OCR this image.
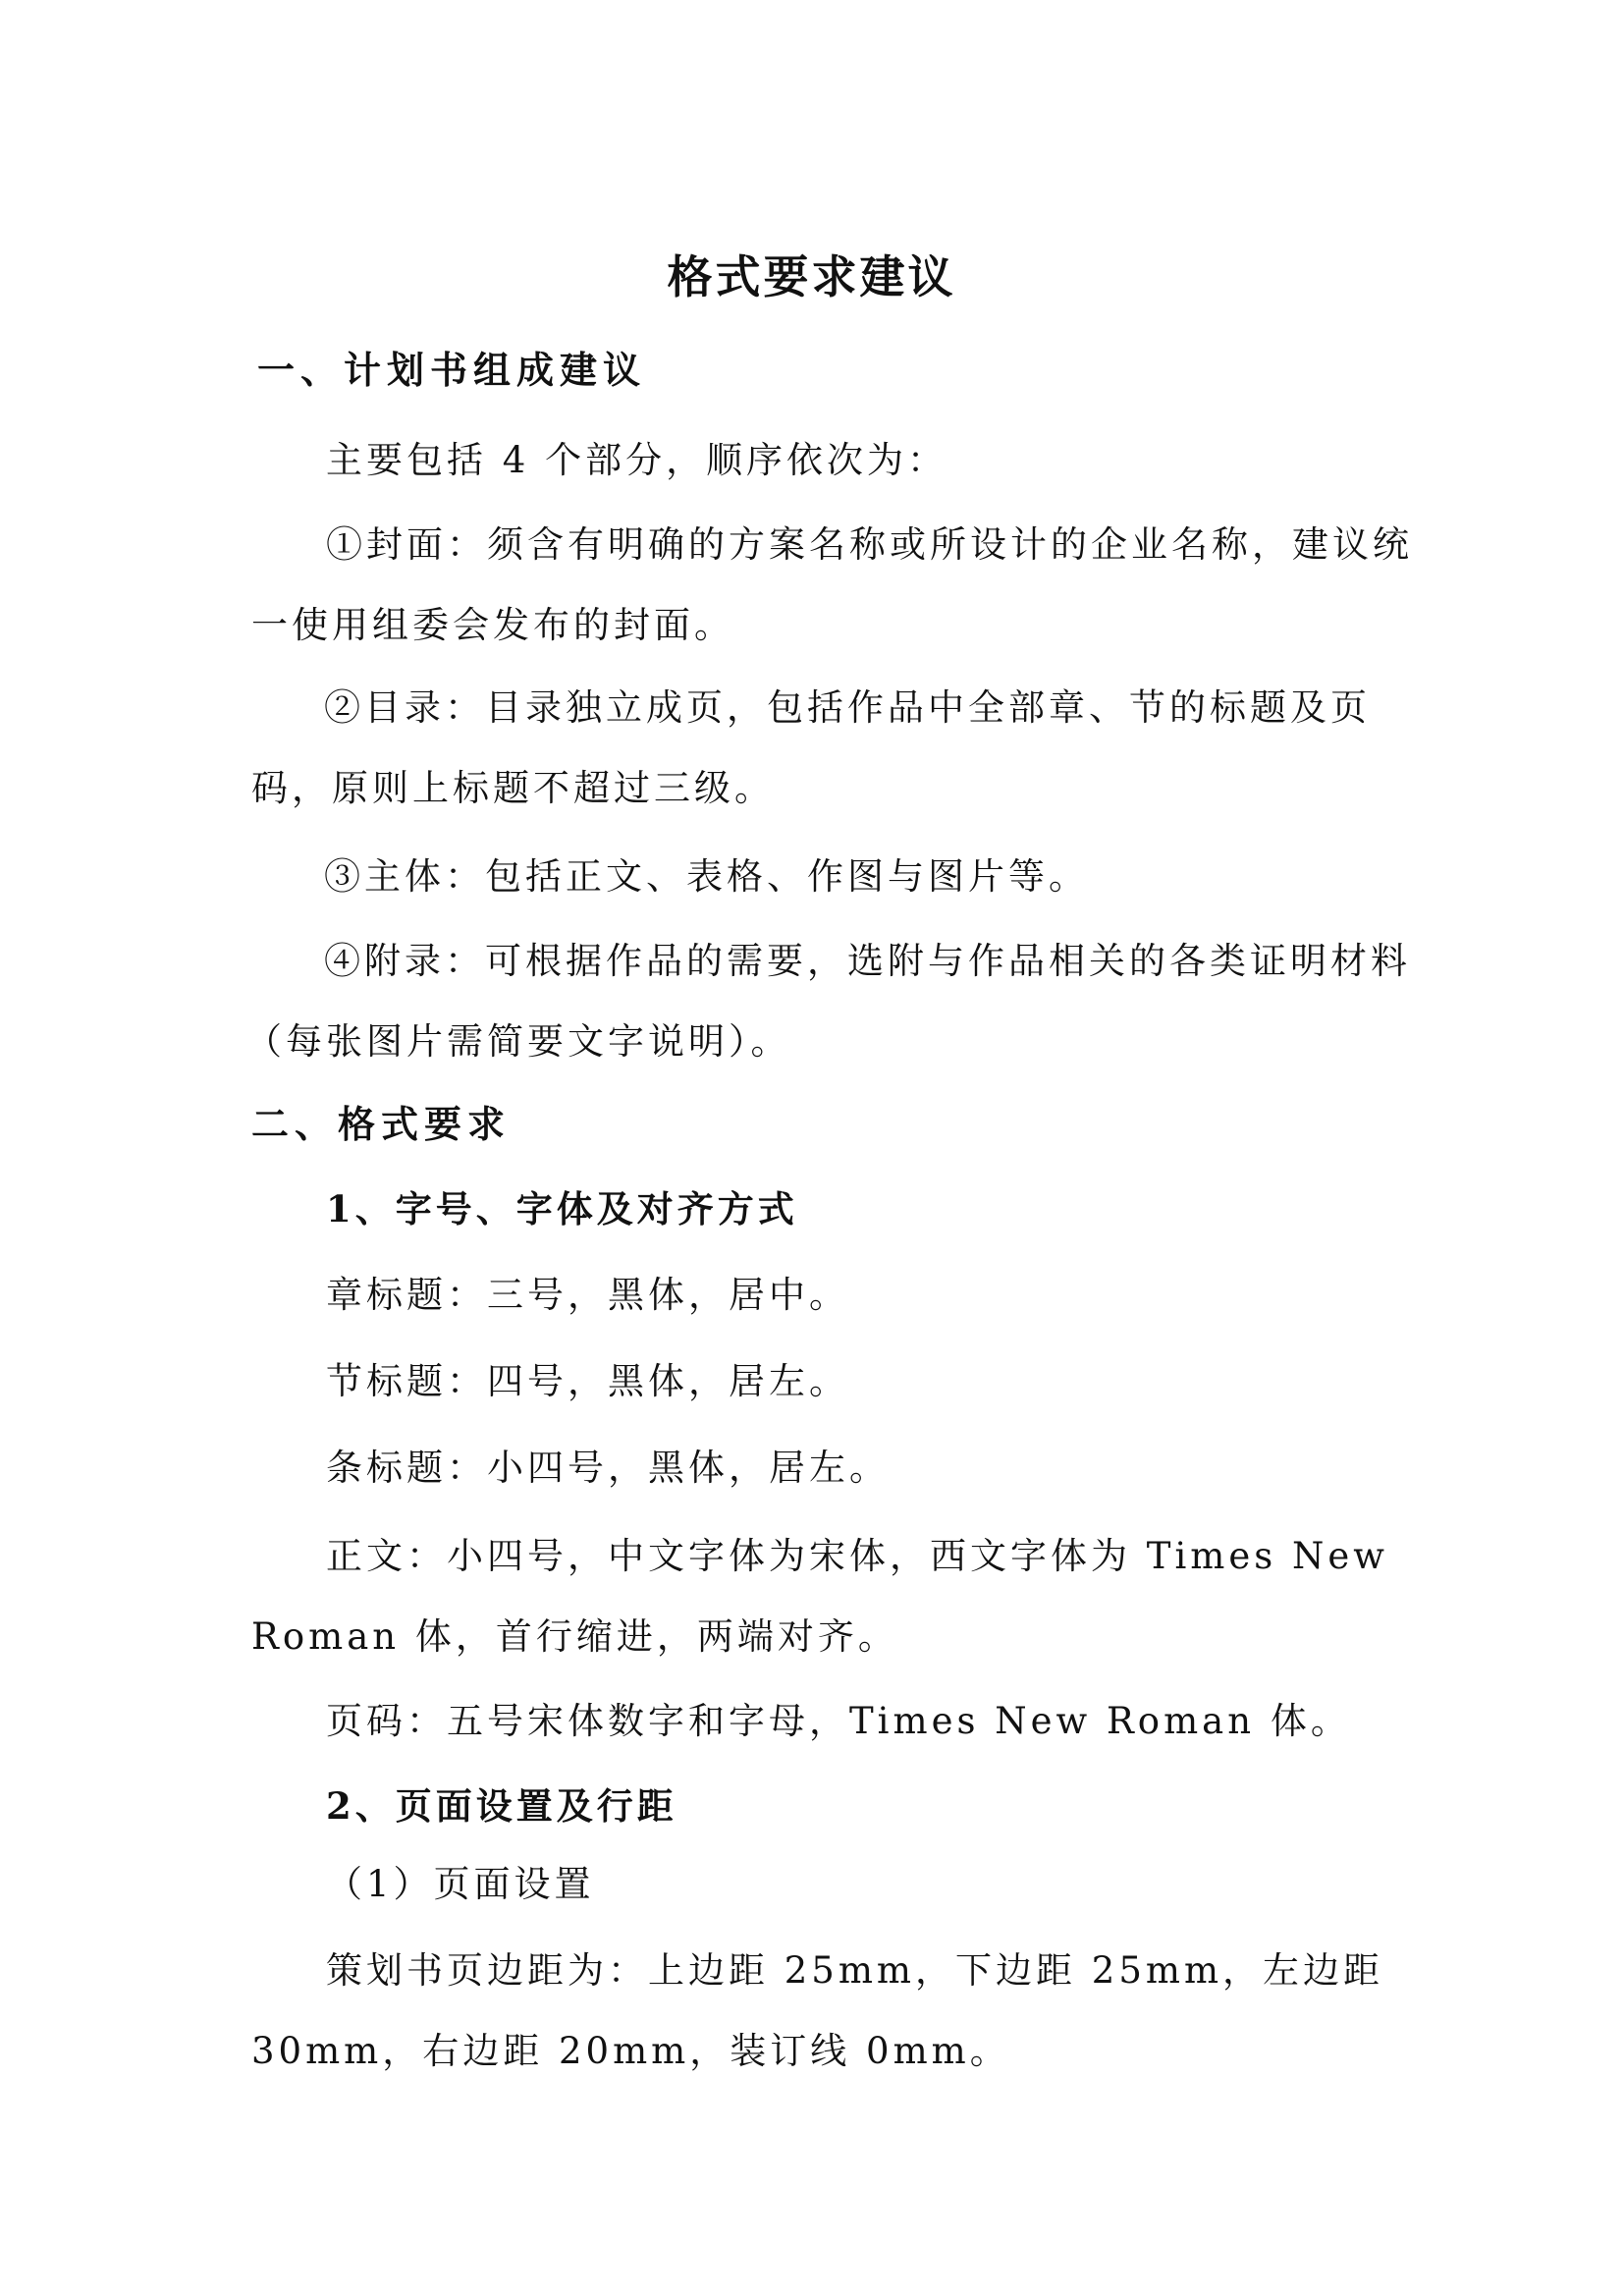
格式要求建议
一、计划书组成建议
主要包括 4 个部分，顺序依次为：
①封面：须含有明确的方案名称或所设计的企业名称，建议统
一使用组委会发布的封面。
②目录：目录独立成页，包括作品中全部章、节的标题及页
码，原则上标题不超过三级。
③主体：包括正文、表格、作图与图片等。
④附录：可根据作品的需要，选附与作品相关的各类证明材料
（每张图片需简要文字说明）。
二、格式要求
1、字号、字体及对齐方式
章标题：三号，黑体，居中。
节标题：四号，黑体，居左。
条标题：小四号，黑体，居左。
正文：小四号，中文字体为宋体，西文字体为 Times New
Roman 体，首行缩进，两端对齐。
页码：五号宋体数字和字母，Times New Roman 体。
2、页面设置及行距
（1）页面设置
策划书页边距为：上边距 25mm，下边距 25mm，左边距
30mm，右边距 20mm，装订线 0mm。
